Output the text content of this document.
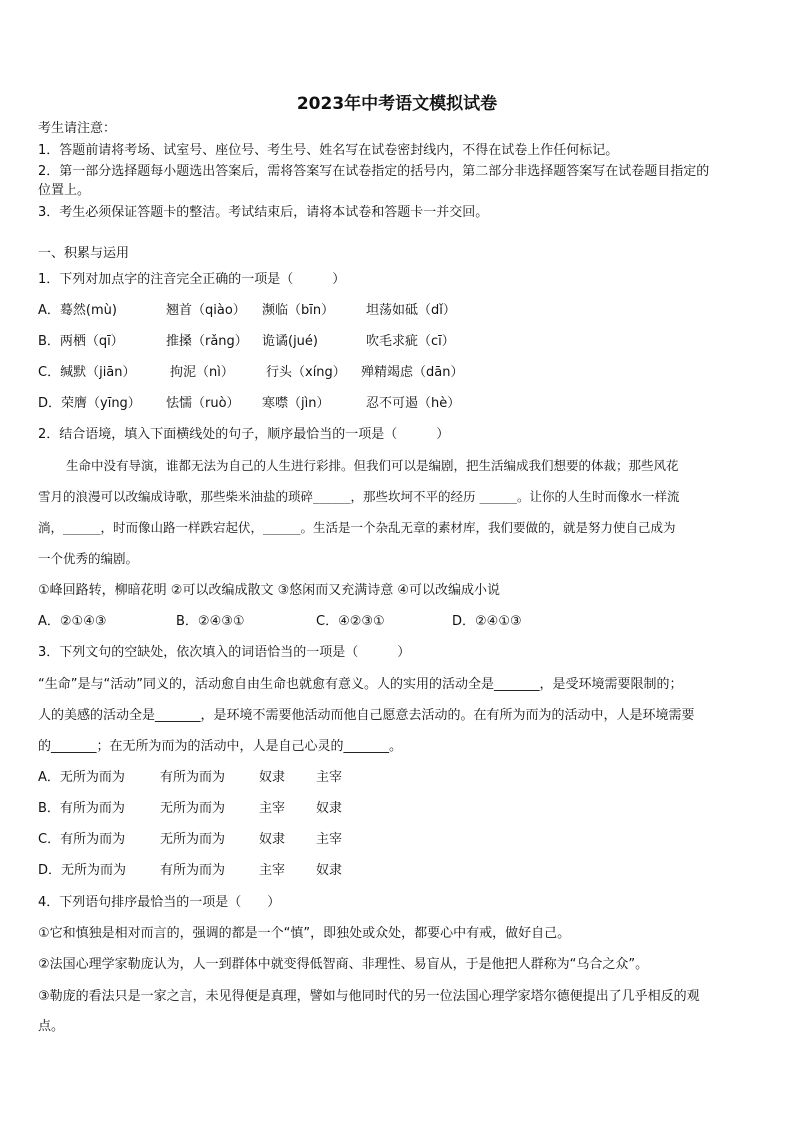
2023年中考语文模拟试卷
考生请注意：
1．答题前请将考场、试室号、座位号、考生号、姓名写在试卷密封线内，不得在试卷上作任何标记。
2．第一部分选择题每小题选出答案后，需将答案写在试卷指定的括号内，第二部分非选择题答案写在试卷题目指定的
位置上。
3．考生必须保证答题卡的整洁。考试结束后，请将本试卷和答题卡一并交回。
一、积累与运用
1．下列对加点字的注音完全正确的一项是（　　　）
A．蓦然(mù)	翘首（qiào） 濒临（bīn） 坦荡如砥（dǐ）
B．两栖（qī）	推搡（rǎng） 诡谲(jué)	吹毛求疵（cī）
C．缄默（jiān）	拘泥（nì） 行头（xíng） 殚精竭虑（dān）
D．荣膺（yīng） 怯懦（ruò） 寒噤（jìn）	忍不可遏（hè）
2．结合语境，填入下面横线处的句子，顺序最恰当的一项是（　　　）
生命中没有导演，谁都无法为自己的人生进行彩排。但我们可以是编剧，把生活编成我们想要的体裁；那些风花
雪月的浪漫可以改编成诗歌，那些柴米油盐的琐碎______，那些坎坷不平的经历 ______。让你的人生时而像水一样流
淌，______，时而像山路一样跌宕起伏，______。生活是一个杂乱无章的素材库，我们要做的，就是努力使自己成为
一个优秀的编剧。
①峰回路转，柳暗花明 ②可以改编成散文 ③悠闲而又充满诗意 ④可以改编成小说
A．②①④③	B．②④③①	C．④②③①	D．②④①③
3．下列文句的空缺处，依次填入的词语恰当的一项是（　　　）
“生命”是与“活动”同义的，活动愈自由生命也就愈有意义。人的实用的活动全是_______，是受环境需要限制的；
人的美感的活动全是_______，是环境不需要他活动而他自己愿意去活动的。在有所为而为的活动中，人是环境需要
的_______；在无所为而为的活动中，人是自己心灵的_______。
A．无所为而为	有所为而为	奴隶 主宰
B．有所为而为	无所为而为	主宰 奴隶
C．有所为而为	无所为而为	奴隶 主宰
D．无所为而为	有所为而为	主宰 奴隶
4．下列语句排序最恰当的一项是（　　）
①它和慎独是相对而言的，强调的都是一个“慎”，即独处或众处，都要心中有戒，做好自己。
②法国心理学家勒庞认为，人一到群体中就变得低智商、非理性、易盲从，于是他把人群称为“乌合之众”。
③勒庞的看法只是一家之言，未见得便是真理，譬如与他同时代的另一位法国心理学家塔尔德便提出了几乎相反的观
点。
